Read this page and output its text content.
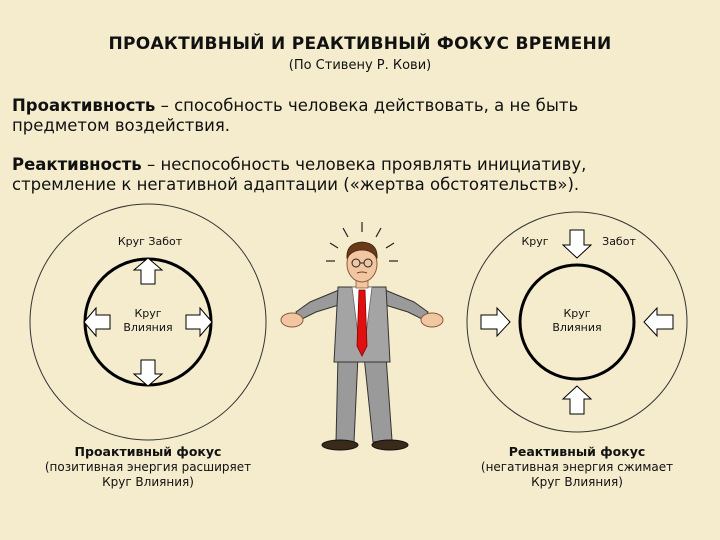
ПРОАКТИВНЫЙ И РЕАКТИВНЫЙ ФОКУС ВРЕМЕНИ
(По Стивену Р. Кови)
Проактивность – способность человека действовать, а не быть
предметом воздействия.
Реактивность – неспособность человека проявлять инициативу,
стремление к негативной адаптации («жертва обстоятельств»).
Круг Забот
Круг
Влияния
Проактивный фокус
(позитивная энергия расширяет
Круг Влияния)
Круг	Забот
Круг
Влияния
Реактивный фокус
(негативная энергия сжимает
Круг Влияния)
